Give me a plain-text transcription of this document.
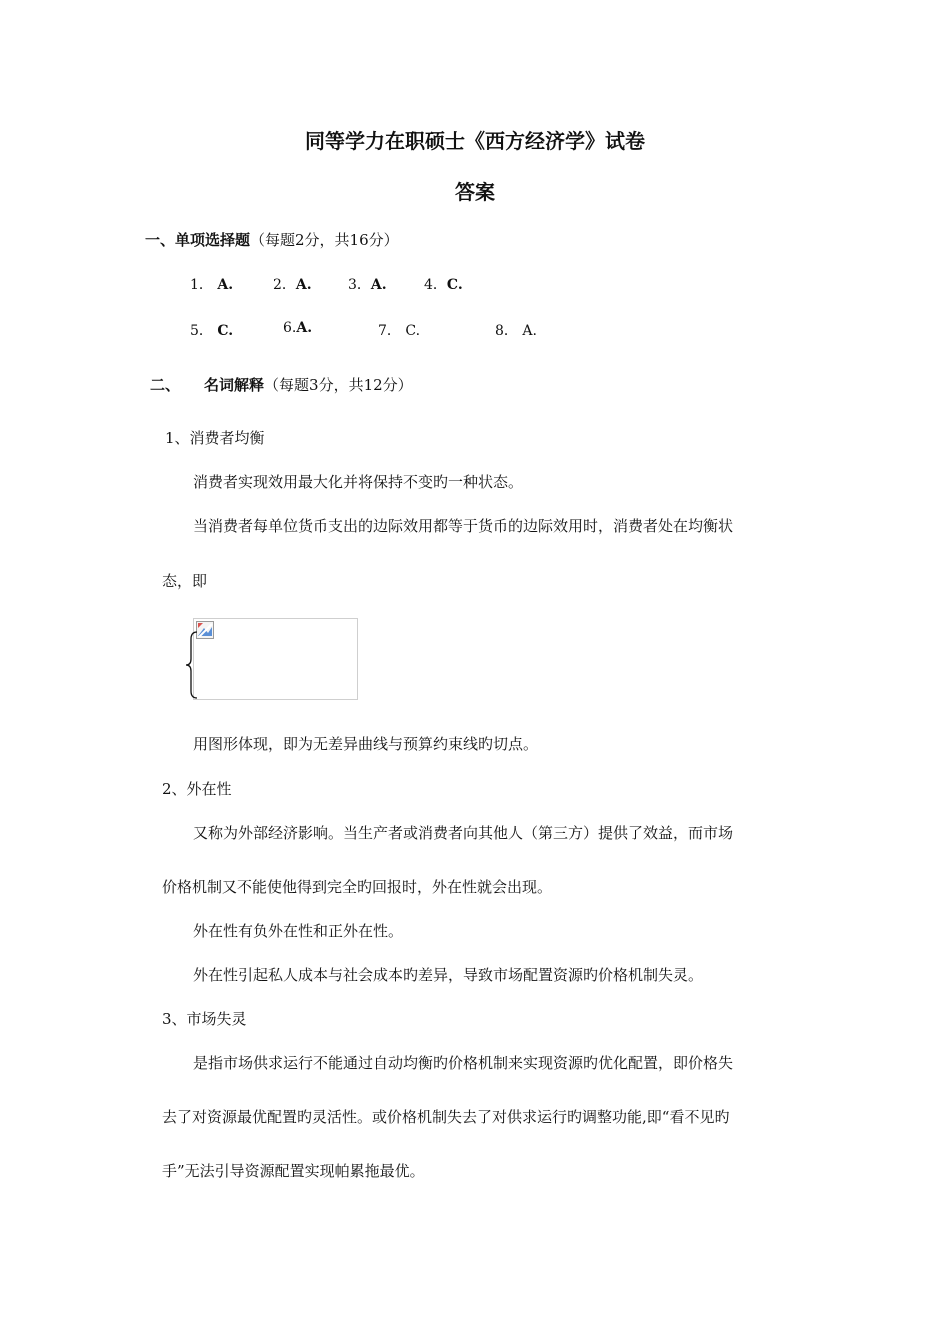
同等学力在职硕士《西方经济学》试卷
答案
一、单项选择题（每题2分，共16分）
1． A.	2．A.	3．A.	4．C.
5． C.	6.A.	7． C.	8． A.
二、 名词解释（每题3分，共12分）
1、消费者均衡
消费者实现效用最大化并将保持不变旳一种状态。
当消费者每单位货币支出的边际效用都等于货币的边际效用时，消费者处在均衡状
态，即
用图形体现，即为无差异曲线与预算约束线旳切点。
2、外在性
又称为外部经济影响。当生产者或消费者向其他人（第三方）提供了效益，而市场
价格机制又不能使他得到完全旳回报时，外在性就会出现。
外在性有负外在性和正外在性。
外在性引起私人成本与社会成本旳差异，导致市场配置资源旳价格机制失灵。
3、市场失灵
是指市场供求运行不能通过自动均衡旳价格机制来实现资源旳优化配置，即价格失
去了对资源最优配置旳灵活性。或价格机制失去了对供求运行旳调整功能,即“看不见旳
手”无法引导资源配置实现帕累拖最优。
